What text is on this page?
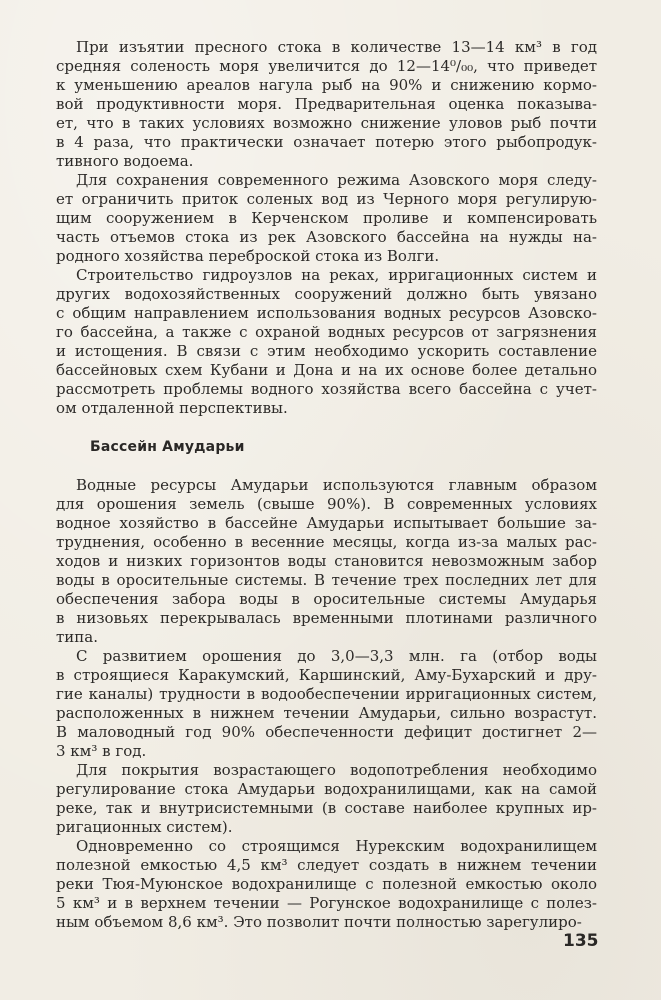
При изъятии пресного стока в количестве 13—14 км³ в год
средняя соленость моря увеличится до 12—14⁰/₀₀, что приведет
к уменьшению ареалов нагула рыб на 90% и снижению кормо-
вой продуктивности моря. Предварительная оценка показыва-
ет, что в таких условиях возможно снижение уловов рыб почти
в 4 раза, что практически означает потерю этого рыбопродук-
тивного водоема.
Для сохранения современного режима Азовского моря следу-
ет ограничить приток соленых вод из Черного моря регулирую-
щим сооружением в Керченском проливе и компенсировать
часть отъемов стока из рек Азовского бассейна на нужды на-
родного хозяйства переброской стока из Волги.
Строительство гидроузлов на реках, ирригационных систем и
других водохозяйственных сооружений должно быть увязано
с общим направлением использования водных ресурсов Азовско-
го бассейна, а также с охраной водных ресурсов от загрязнения
и истощения. В связи с этим необходимо ускорить составление
бассейновых схем Кубани и Дона и на их основе более детально
рассмотреть проблемы водного хозяйства всего бассейна с учет-
ом отдаленной перспективы.
Бассейн Амударьи
Водные ресурсы Амударьи используются главным образом
для орошения земель (свыше 90%). В современных условиях
водное хозяйство в бассейне Амударьи испытывает большие за-
труднения, особенно в весенние месяцы, когда из-за малых рас-
ходов и низких горизонтов воды становится невозможным забор
воды в оросительные системы. В течение трех последних лет для
обеспечения забора воды в оросительные системы Амударья
в низовьях перекрывалась временными плотинами различного
типа.
С развитием орошения до 3,0—3,3 млн. га (отбор воды
в строящиеся Каракумский, Каршинский, Аму-Бухарский и дру-
гие каналы) трудности в водообеспечении ирригационных систем,
расположенных в нижнем течении Амударьи, сильно возрастут.
В маловодный год 90% обеспеченности дефицит достигнет 2—
3 км³ в год.
Для покрытия возрастающего водопотребления необходимо
регулирование стока Амударьи водохранилищами, как на самой
реке, так и внутрисистемными (в составе наиболее крупных ир-
ригационных систем).
Одновременно со строящимся Нурекским водохранилищем
полезной емкостью 4,5 км³ следует создать в нижнем течении
реки Тюя-Муюнское водохранилище с полезной емкостью около
5 км³ и в верхнем течении — Рогунское водохранилище с полез-
ным объемом 8,6 км³. Это позволит почти полностью зарегулиро-
135
